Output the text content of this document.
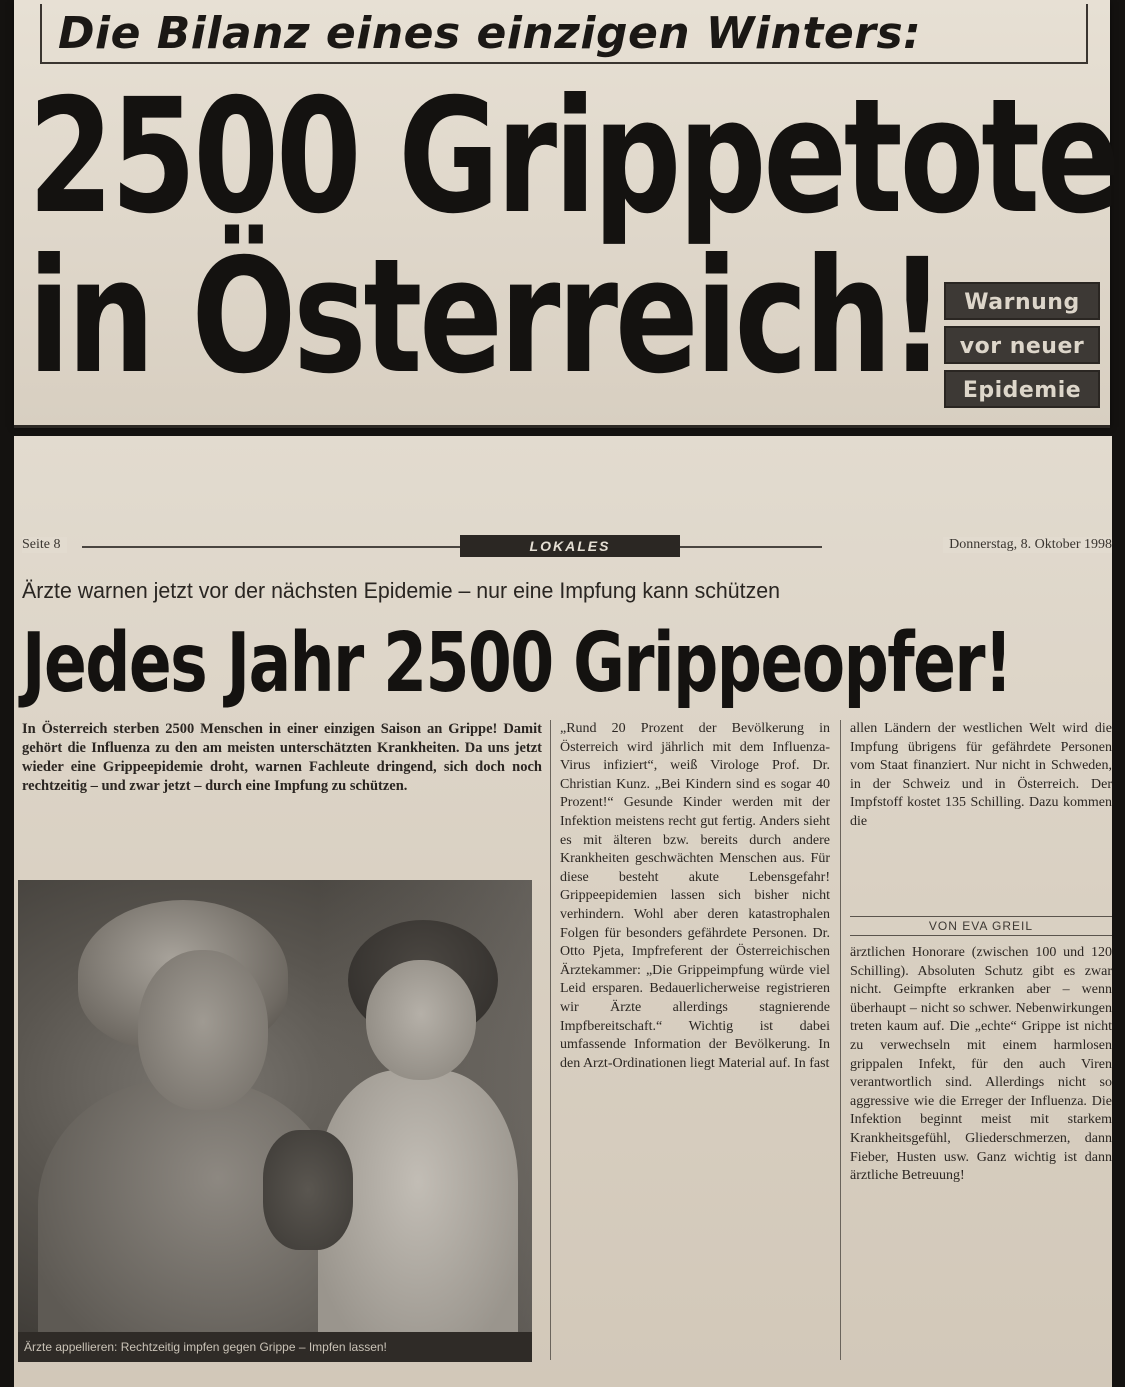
Die Bilanz eines einzigen Winters:
2500 Grippetote
in Österreich!	Warnung
vor neuer
Epidemie
Seite 8	LOKALES	Donnerstag, 8. Oktober 1998
Ärzte warnen jetzt vor der nächsten Epidemie – nur eine Impfung kann schützen
Jedes Jahr 2500 Grippeopfer!
In Österreich sterben 2500 Menschen in einer einzigen Saison an Grippe! Damit gehört die Influenza zu den am meisten unterschätzten Krankheiten. Da uns jetzt wieder eine Grippeepidemie droht, warnen Fachleute dringend, sich doch noch rechtzeitig – und zwar jetzt – durch eine Impfung zu schützen.
„Rund 20 Prozent der Bevölkerung in Österreich wird jährlich mit dem Influenza-Virus infiziert“, weiß Virologe Prof. Dr. Christian Kunz. „Bei Kindern sind es sogar 40 Prozent!“ Gesunde Kinder werden mit der Infektion meistens recht gut fertig. Anders sieht es mit älteren bzw. bereits durch andere Krankheiten geschwächten Menschen aus. Für diese besteht akute Lebensgefahr! Grippeepidemien lassen sich bisher nicht verhindern. Wohl aber deren katastrophalen Folgen für besonders gefährdete Personen. Dr. Otto Pjeta, Impfreferent der Österreichischen Ärztekammer: „Die Grippeimpfung würde viel Leid ersparen. Bedauerlicherweise registrieren wir Ärzte allerdings stagnierende Impfbereitschaft.“ Wichtig ist dabei umfassende Information der Bevölkerung. In den Arzt-Ordinationen liegt Material auf. In fast
allen Ländern der westlichen Welt wird die Impfung übrigens für gefährdete Personen vom Staat finanziert. Nur nicht in Schweden, in der Schweiz und in Österreich. Der Impfstoff kostet 135 Schilling. Dazu kommen die
VON EVA GREIL
ärztlichen Honorare (zwischen 100 und 120 Schilling). Absoluten Schutz gibt es zwar nicht. Geimpfte erkranken aber – wenn überhaupt – nicht so schwer. Nebenwirkungen treten kaum auf. Die „echte“ Grippe ist nicht zu verwechseln mit einem harmlosen grippalen Infekt, für den auch Viren verantwortlich sind. Allerdings nicht so aggressive wie die Erreger der Influenza. Die Infektion beginnt meist mit starkem Krankheitsgefühl, Gliederschmerzen, dann Fieber, Husten usw. Ganz wichtig ist dann ärztliche Betreuung!
Ärzte appellieren: Rechtzeitig impfen gegen Grippe – Impfen lassen!
